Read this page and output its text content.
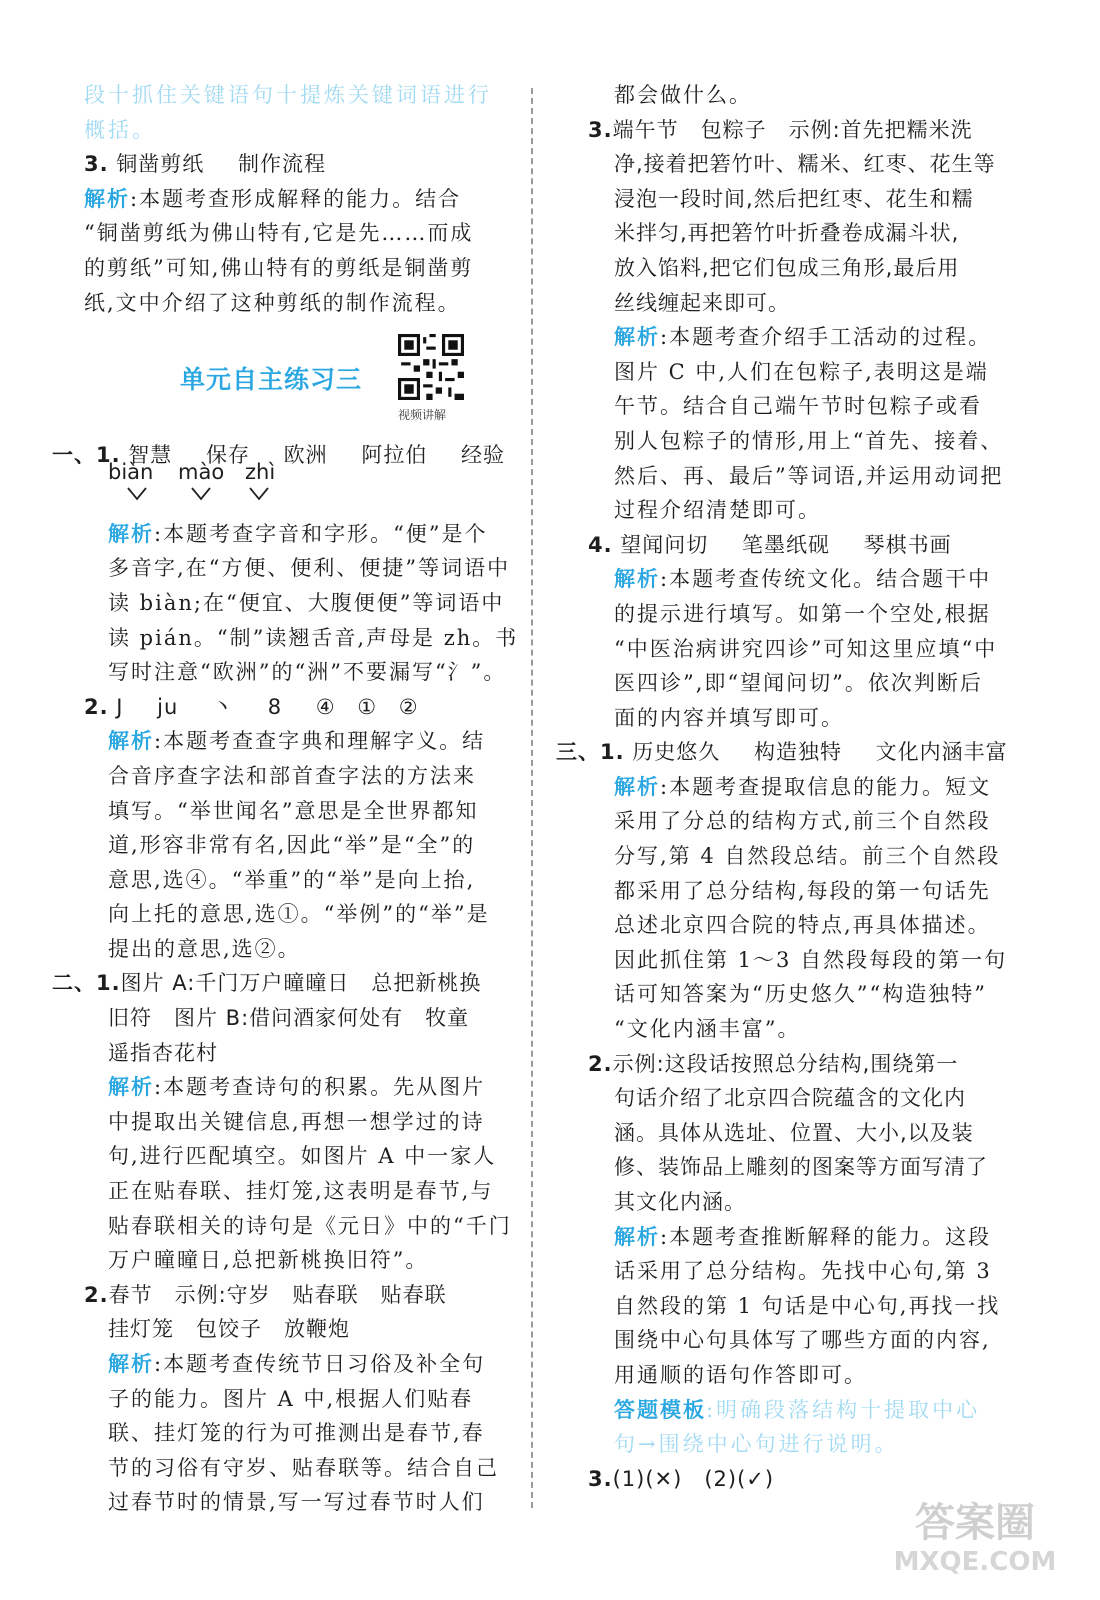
段十抓住关键语句十提炼关键词语进行
概括。
3. 铜凿剪纸 制作流程
解析:本题考查形成解释的能力。结合
“铜凿剪纸为佛山特有,它是先……而成
的剪纸”可知,佛山特有的剪纸是铜凿剪
纸,文中介绍了这种剪纸的制作流程。
一、1. 智慧 保存 欧洲 阿拉伯 经验
解析:本题考查字音和字形。“便”是个
多音字,在“方便、便利、便捷”等词语中
读 biàn;在“便宜、大腹便便”等词语中
读 pián。“制”读翘舌音,声母是 zh。书
写时注意“欧洲”的“洲”不要漏写“氵”。
2. J ju 丶 8 ④ ① ②
解析:本题考查查字典和理解字义。结
合音序查字法和部首查字法的方法来
填写。“举世闻名”意思是全世界都知
道,形容非常有名,因此“举”是“全”的
意思,选④。“举重”的“举”是向上抬,
向上托的意思,选①。“举例”的“举”是
提出的意思,选②。
二、1.图片 A:千门万户曈曈日　总把新桃换
旧符　图片 B:借问酒家何处有　牧童
遥指杏花村
解析:本题考查诗句的积累。先从图片
中提取出关键信息,再想一想学过的诗
句,进行匹配填空。如图片 A 中一家人
正在贴春联、挂灯笼,这表明是春节,与
贴春联相关的诗句是《元日》中的“千门
万户曈曈日,总把新桃换旧符”。
2.春节　示例:守岁　贴春联　贴春联
挂灯笼　包饺子　放鞭炮
解析:本题考查传统节日习俗及补全句
子的能力。图片 A 中,根据人们贴春
联、挂灯笼的行为可推测出是春节,春
节的习俗有守岁、贴春联等。结合自己
过春节时的情景,写一写过春节时人们
单元自主练习三
视频讲解
biàn mào zhì
都会做什么。
3.端午节　包粽子　示例:首先把糯米洗
净,接着把箬竹叶、糯米、红枣、花生等
浸泡一段时间,然后把红枣、花生和糯
米拌匀,再把箬竹叶折叠卷成漏斗状,
放入馅料,把它们包成三角形,最后用
丝线缠起来即可。
解析:本题考查介绍手工活动的过程。
图片 C 中,人们在包粽子,表明这是端
午节。结合自己端午节时包粽子或看
别人包粽子的情形,用上“首先、接着、
然后、再、最后”等词语,并运用动词把
过程介绍清楚即可。
4. 望闻问切 笔墨纸砚 琴棋书画
解析:本题考查传统文化。结合题干中
的提示进行填写。如第一个空处,根据
“中医治病讲究四诊”可知这里应填“中
医四诊”,即“望闻问切”。依次判断后
面的内容并填写即可。
三、1. 历史悠久 构造独特 文化内涵丰富
解析:本题考查提取信息的能力。短文
采用了分总的结构方式,前三个自然段
分写,第 4 自然段总结。前三个自然段
都采用了总分结构,每段的第一句话先
总述北京四合院的特点,再具体描述。
因此抓住第 1～3 自然段每段的第一句
话可知答案为“历史悠久”“构造独特”
“文化内涵丰富”。
2.示例:这段话按照总分结构,围绕第一
句话介绍了北京四合院蕴含的文化内
涵。具体从选址、位置、大小,以及装
修、装饰品上雕刻的图案等方面写清了
其文化内涵。
解析:本题考查推断解释的能力。这段
话采用了总分结构。先找中心句,第 3
自然段的第 1 句话是中心句,再找一找
围绕中心句具体写了哪些方面的内容,
用通顺的语句作答即可。
答题模板:明确段落结构十提取中心
句→围绕中心句进行说明。
3.(1)(✕)　(2)(✓)
答案圈
MXQE.COM
